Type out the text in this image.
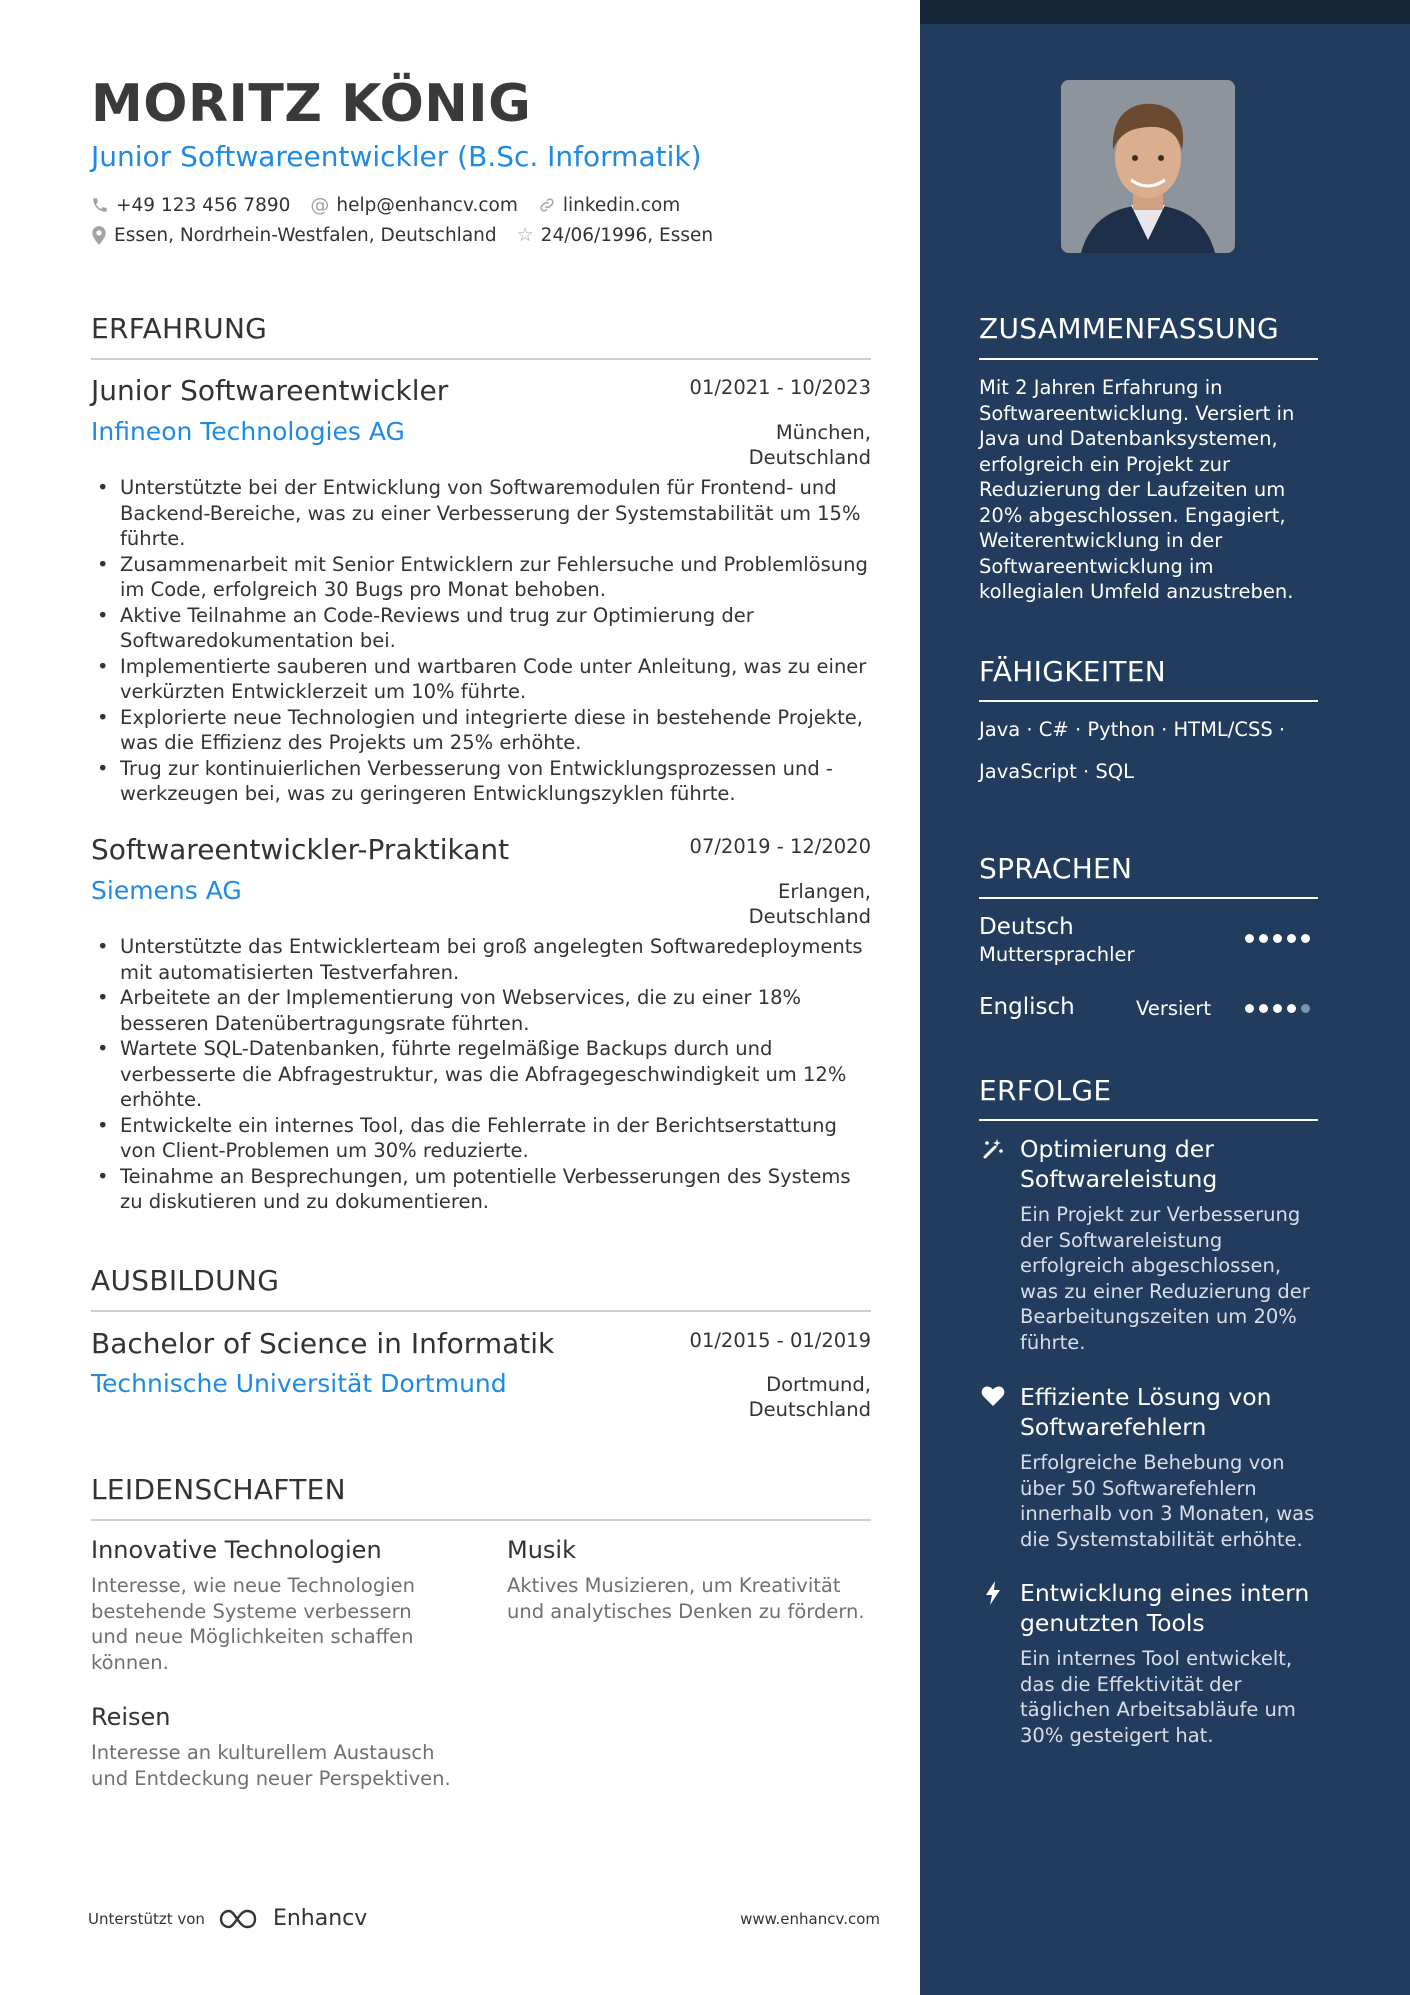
MORITZ KÖNIG
Junior Softwareentwickler (B.Sc. Informatik)
+49 123 456 7890 @ help@enhancv.com linkedin.com
Essen, Nordrhein-Westfalen, Deutschland ☆ 24/06/1996, Essen
ERFAHRUNG
Junior Softwareentwickler	01/2021 - 10/2023
Infineon Technologies AG	München,
Deutschland
• Unterstützte bei der Entwicklung von Softwaremodulen für Frontend- und Backend-Bereiche, was zu einer Verbesserung der Systemstabilität um 15% führte.
• Zusammenarbeit mit Senior Entwicklern zur Fehlersuche und Problemlösung im Code, erfolgreich 30 Bugs pro Monat behoben.
• Aktive Teilnahme an Code-Reviews und trug zur Optimierung der Softwaredokumentation bei.
• Implementierte sauberen und wartbaren Code unter Anleitung, was zu einer verkürzten Entwicklerzeit um 10% führte.
• Explorierte neue Technologien und integrierte diese in bestehende Projekte, was die Effizienz des Projekts um 25% erhöhte.
• Trug zur kontinuierlichen Verbesserung von Entwicklungsprozessen und -werkzeugen bei, was zu geringeren Entwicklungszyklen führte.
Softwareentwickler-Praktikant	07/2019 - 12/2020
Siemens AG	Erlangen,
Deutschland
• Unterstützte das Entwicklerteam bei groß angelegten Softwaredeployments mit automatisierten Testverfahren.
• Arbeitete an der Implementierung von Webservices, die zu einer 18% besseren Datenübertragungsrate führten.
• Wartete SQL-Datenbanken, führte regelmäßige Backups durch und verbesserte die Abfragestruktur, was die Abfragegeschwindigkeit um 12% erhöhte.
• Entwickelte ein internes Tool, das die Fehlerrate in der Berichtserstattung von Client-Problemen um 30% reduzierte.
• Teinahme an Besprechungen, um potentielle Verbesserungen des Systems zu diskutieren und zu dokumentieren.
AUSBILDUNG
Bachelor of Science in Informatik	01/2015 - 01/2019
Technische Universität Dortmund	Dortmund,
Deutschland
LEIDENSCHAFTEN
Innovative Technologien
Interesse, wie neue Technologien bestehende Systeme verbessern und neue Möglichkeiten schaffen können.
Musik
Aktives Musizieren, um Kreativität und analytisches Denken zu fördern.
Reisen
Interesse an kulturellem Austausch und Entdeckung neuer Perspektiven.
Unterstützt von	Enhancv	www.enhancv.com
ZUSAMMENFASSUNG
Mit 2 Jahren Erfahrung in Softwareentwicklung. Versiert in Java und Datenbanksystemen, erfolgreich ein Projekt zur Reduzierung der Laufzeiten um 20% abgeschlossen. Engagiert, Weiterentwicklung in der Softwareentwicklung im kollegialen Umfeld anzustreben.
FÄHIGKEITEN
Java · C# · Python · HTML/CSS ·
JavaScript · SQL
SPRACHEN
Deutsch
Muttersprachler
Englisch	Versiert
ERFOLGE
Optimierung der Softwareleistung
Ein Projekt zur Verbesserung der Softwareleistung erfolgreich abgeschlossen, was zu einer Reduzierung der Bearbeitungszeiten um 20% führte.
Effiziente Lösung von Softwarefehlern
Erfolgreiche Behebung von über 50 Softwarefehlern innerhalb von 3 Monaten, was die Systemstabilität erhöhte.
Entwicklung eines intern genutzten Tools
Ein internes Tool entwickelt, das die Effektivität der täglichen Arbeitsabläufe um 30% gesteigert hat.
